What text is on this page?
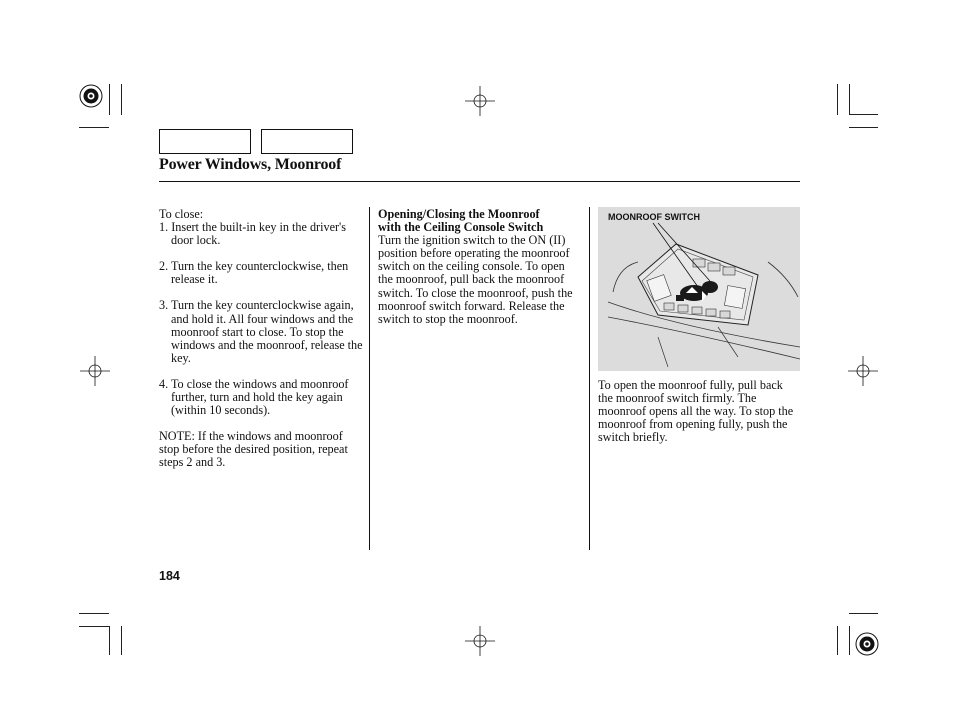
Power Windows, Moonroof

To close:

1. Insert the built-in key in the driver's door lock.

2. Turn the key counterclockwise, then release it.

3. Turn the key counterclockwise again, and hold it. All four windows and the moonroof start to close. To stop the windows and the moonroof, release the key.

4. To close the windows and moonroof further, turn and hold the key again (within 10 seconds).

NOTE: If the windows and moonroof stop before the desired position, repeat steps 2 and 3.

Opening/Closing the Moonroof

with the Ceiling Console Switch

Turn the ignition switch to the ON (II) position before operating the moonroof switch on the ceiling console. To open the moonroof, pull back the moonroof switch. To close the moonroof, push the moonroof switch forward. Release the switch to stop the moonroof.

MOONROOF SWITCH

To open the moonroof fully, pull back the moonroof switch firmly. The moonroof opens all the way. To stop the moonroof from opening fully, push the switch briefly.

184
